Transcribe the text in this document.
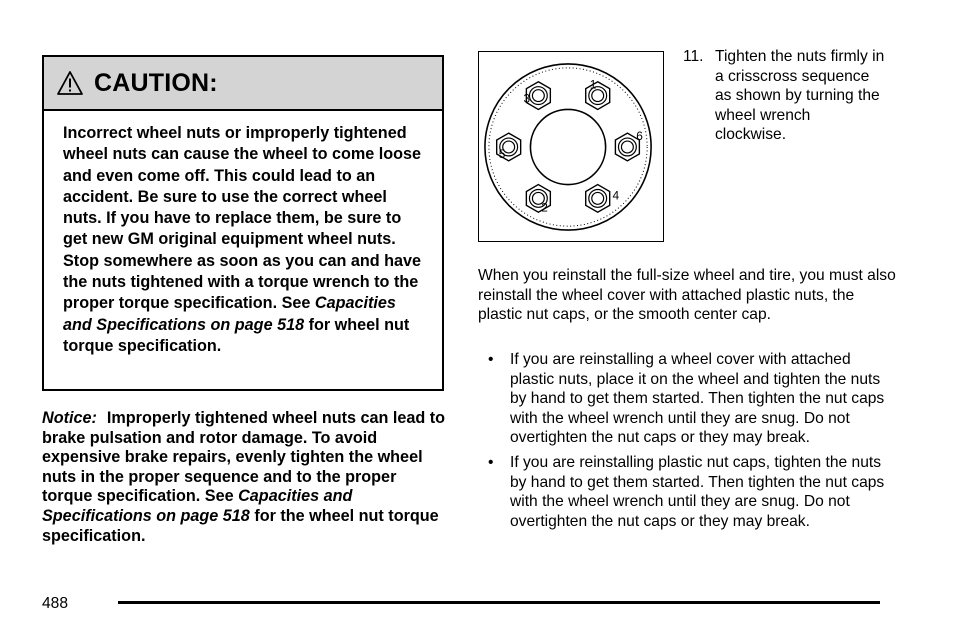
CAUTION:
Incorrect wheel nuts or improperly tightened wheel nuts can cause the wheel to come loose and even come off. This could lead to an accident. Be sure to use the correct wheel nuts. If you have to replace them, be sure to get new GM original equipment wheel nuts. Stop somewhere as soon as you can and have the nuts tightened with a torque wrench to the proper torque specification. See Capacities and Specifications on page 518 for wheel nut torque specification.
Notice: Improperly tightened wheel nuts can lead to brake pulsation and rotor damage. To avoid expensive brake repairs, evenly tighten the wheel nuts in the proper sequence and to the proper torque specification. See Capacities and Specifications on page 518 for the wheel nut torque specification.
1
2
3
4
5
6
11. Tighten the nuts firmly in a crisscross sequence as shown by turning the wheel wrench clockwise.

When you reinstall the full-size wheel and tire, you must also reinstall the wheel cover with attached plastic nuts, the plastic nut caps, or the smooth center cap.

• If you are reinstalling a wheel cover with attached plastic nuts, place it on the wheel and tighten the nuts by hand to get them started. Then tighten the nut caps with the wheel wrench until they are snug. Do not overtighten the nut caps or they may break.
• If you are reinstalling plastic nut caps, tighten the nuts by hand to get them started. Then tighten the nut caps with the wheel wrench until they are snug. Do not overtighten the nut caps or they may break.
488
